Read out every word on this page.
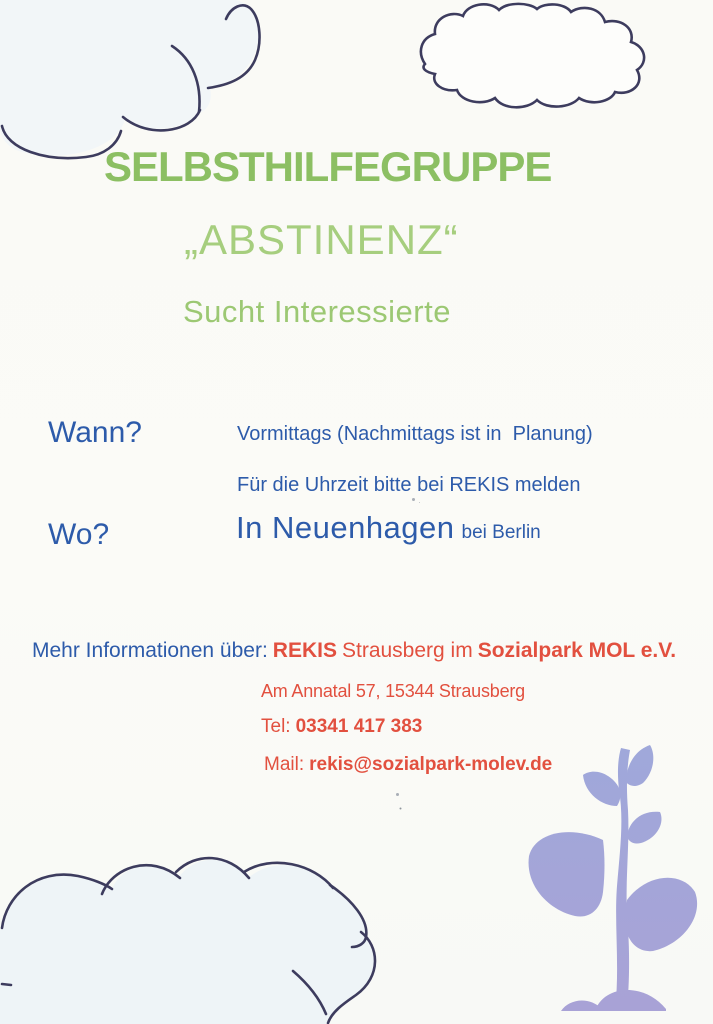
SELBSTHILFEGRUPPE
„ABSTINENZ“
Sucht Interessierte
Wann?	Vormittags (Nachmittags ist in  Planung)
Für die Uhrzeit bitte bei REKIS melden
Wo?	In Neuenhagen bei Berlin
Mehr Informationen über: REKIS Strausberg im Sozialpark MOL e.V.
Am Annatal 57, 15344 Strausberg
Tel: 03341 417 383
Mail: rekis@sozialpark-molev.de
